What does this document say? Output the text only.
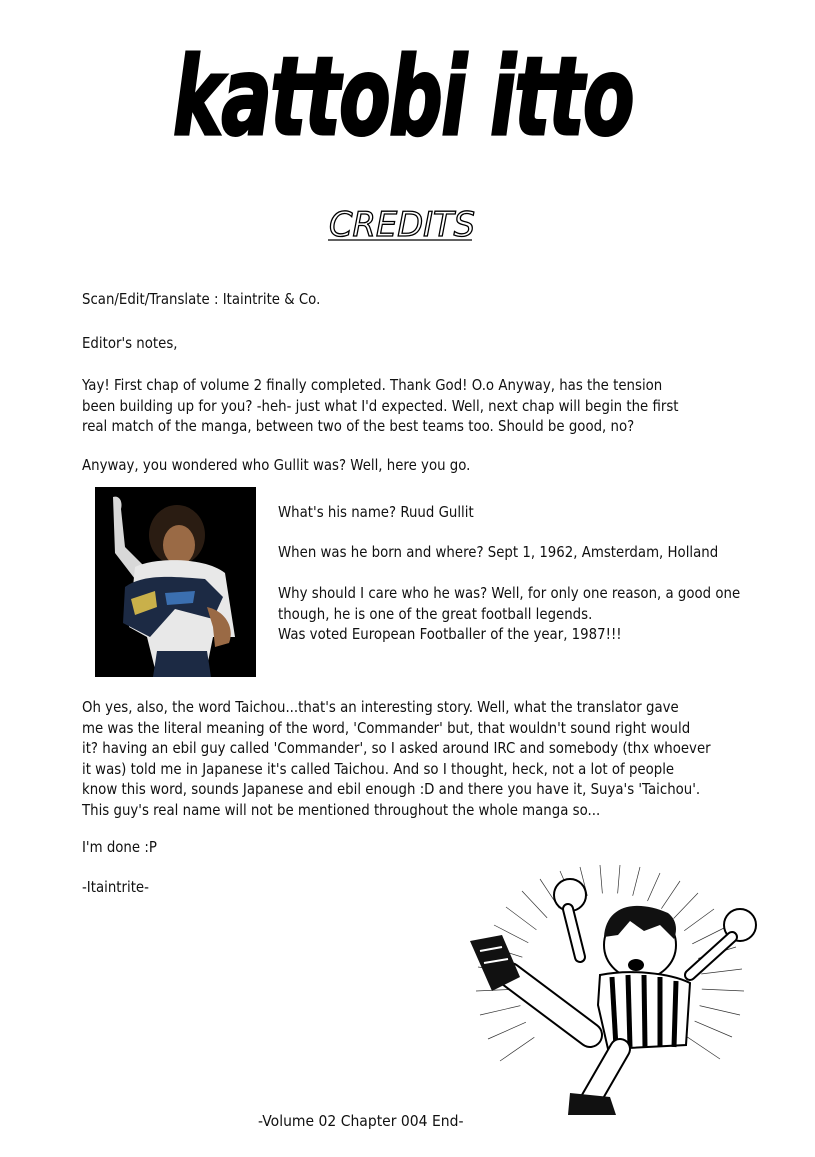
kattobi itto
CREDITS
Scan/Edit/Translate : Itaintrite & Co.
Editor's notes,
Yay! First chap of volume 2 finally completed. Thank God! O.o Anyway, has the tension
been building up for you? -heh- just what I'd expected. Well, next chap will begin the first
real match of the manga, between two of the best teams too. Should be good, no?
Anyway, you wondered who Gullit was? Well, here you go.
What's his name? Ruud Gullit
When was he born and where? Sept 1, 1962, Amsterdam, Holland
Why should I care who he was? Well, for only one reason, a good one
though, he is one of the great football legends.
Was voted European Footballer of the year, 1987!!!
Oh yes, also, the word Taichou...that's an interesting story. Well, what the translator gave
me was the literal meaning of the word, 'Commander' but, that wouldn't sound right would
it? having an ebil guy called 'Commander', so I asked around IRC and somebody (thx whoever
it was) told me in Japanese it's called Taichou. And so I thought, heck, not a lot of people
know this word, sounds Japanese and ebil enough :D and there you have it, Suya's 'Taichou'.
This guy's real name will not be mentioned throughout the whole manga so...
I'm done :P
-Itaintrite-
-Volume 02 Chapter 004 End-
